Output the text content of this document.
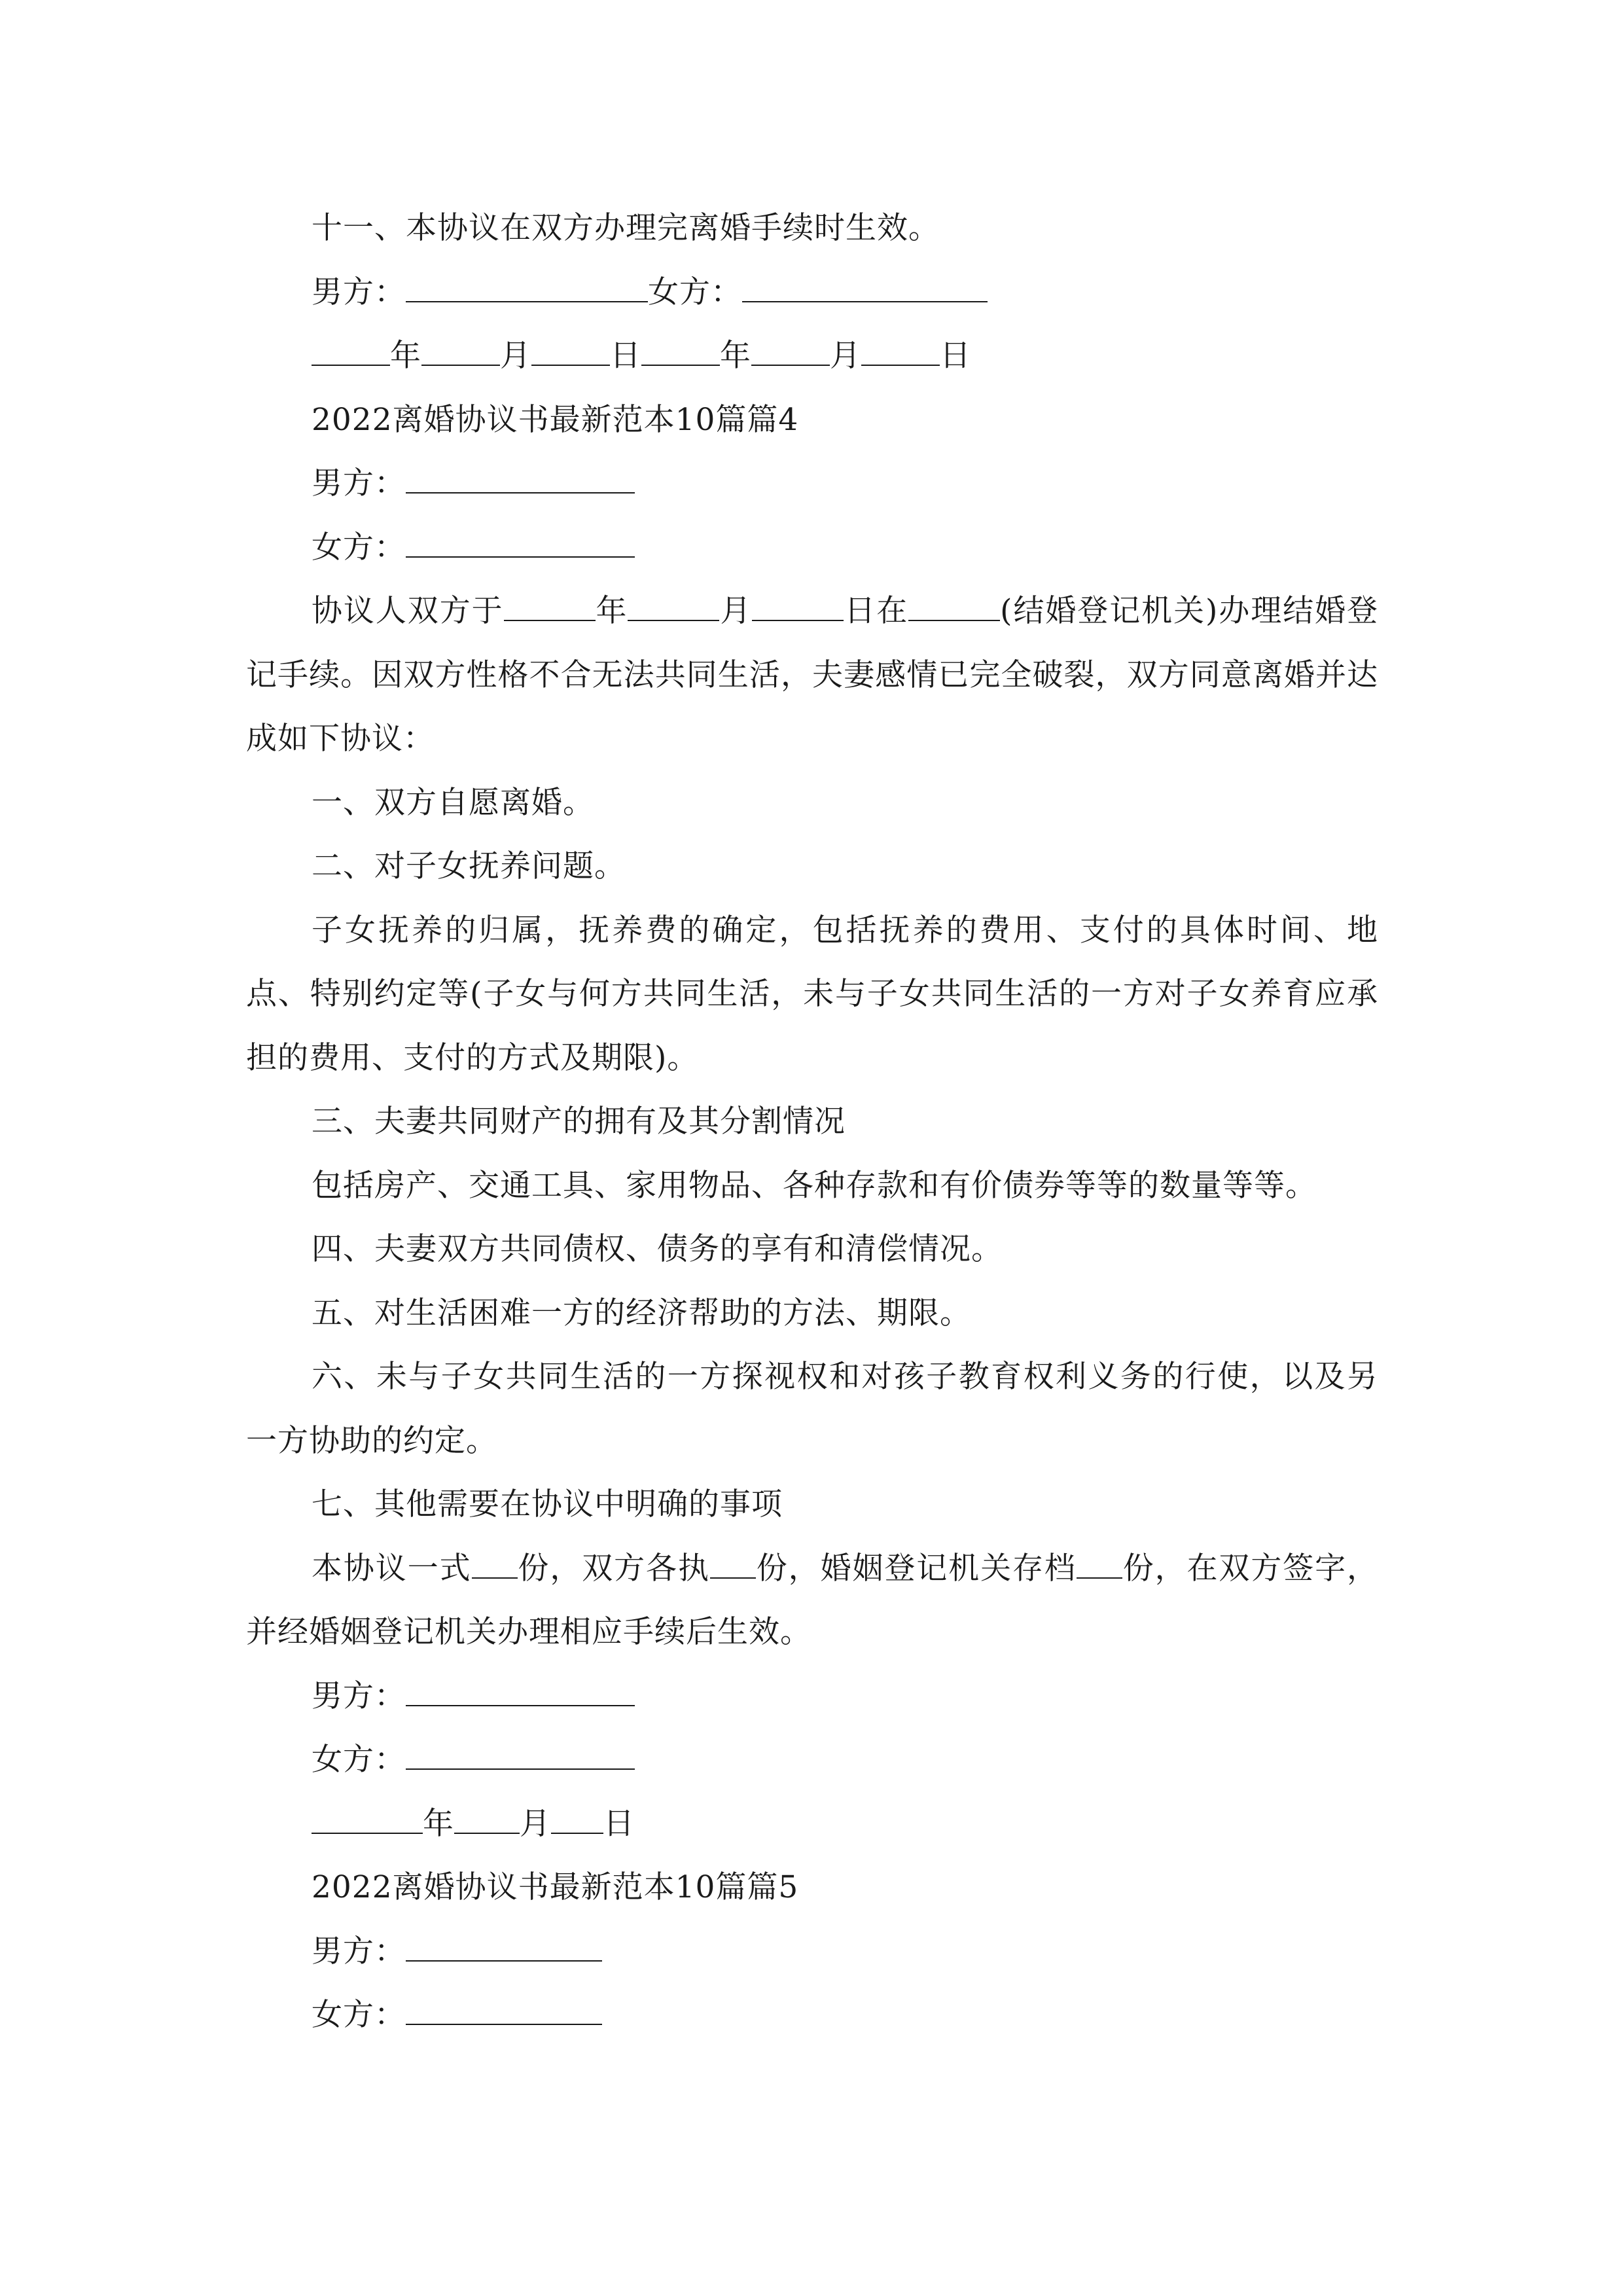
十一、本协议在双方办理完离婚手续时生效。
男方：	女方：
年	月	日	年	月	日
2022离婚协议书最新范本10篇篇4
男方：
女方：
协议人双方于	年	月	日在	(结婚登记机关)办理结婚登记手续。因双方性格不合无法共同生活，夫妻感情已完全破裂，双方同意离婚并达成如下协议：
一、双方自愿离婚。
二、对子女抚养问题。
子女抚养的归属，抚养费的确定，包括抚养的费用、支付的具体时间、地点、特别约定等(子女与何方共同生活，未与子女共同生活的一方对子女养育应承担的费用、支付的方式及期限)。
三、夫妻共同财产的拥有及其分割情况
包括房产、交通工具、家用物品、各种存款和有价债券等等的数量等等。
四、夫妻双方共同债权、债务的享有和清偿情况。
五、对生活困难一方的经济帮助的方法、期限。
六、未与子女共同生活的一方探视权和对孩子教育权利义务的行使，以及另一方协助的约定。
七、其他需要在协议中明确的事项
本协议一式 份，双方各执 份，婚姻登记机关存档 份，在双方签字，并经婚姻登记机关办理相应手续后生效。
男方：
女方：
年 月 日
2022离婚协议书最新范本10篇篇5
男方：
女方：
